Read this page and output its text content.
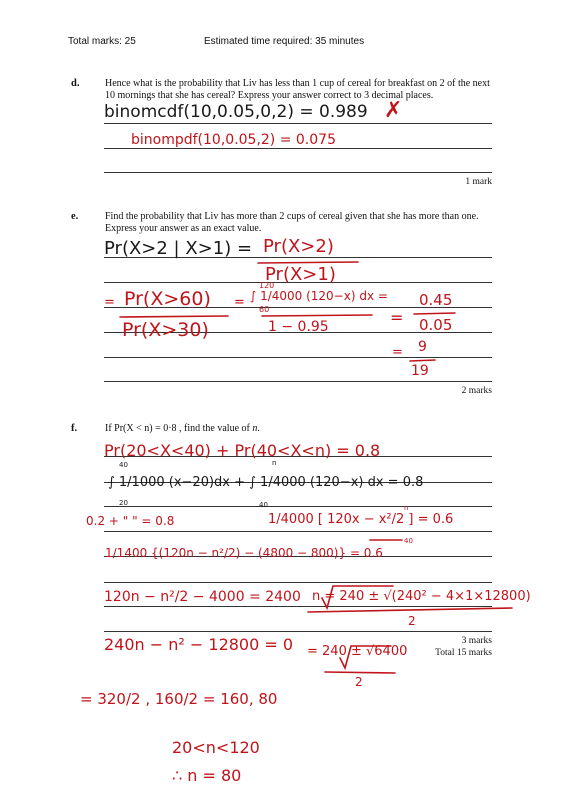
Total marks: 25	Estimated time required: 35 minutes
d.	Hence what is the probability that Liv has less than 1 cup of cereal for breakfast on 2 of the next 10 mornings that she has cereal? Express your answer correct to 3 decimal places.
1 mark
binomcdf(10,0.05,0,2) = 0.989 ✗
binompdf(10,0.05,2) = 0.075
e.	Find the probability that Liv has more than 2 cups of cereal given that she has more than one. Express your answer as an exact value.
2 marks
Pr(X>2 | X>1) = Pr(X>2)
Pr(X>1)
= Pr(X>60)
Pr(X>30)
=
120
60
∫ 1/4000 (120−x) dx =
1 − 0.95	=
0.45
0.05
= 9
19
f.	If Pr(X < n) = 0·8 , find the value of n.
3 marks
Total 15 marks
Pr(20<X<40) + Pr(40<X<n) = 0.8
40
20
n
40
∫ 1/1000 (x−20)dx + ∫ 1/4000 (120−x) dx = 0.8
0.2 + " " = 0.8
n
40
1/4000 [ 120x − x²/2 ] = 0.6
1/1400 {(120n − n²/2) − (4800 − 800)} = 0.6
120n − n²/2 − 4000 = 2400 n = 240 ± √(240² − 4×1×12800)
2
240n − n² − 12800 = 0 = 240 ± √6400
2
= 320/2 , 160/2 = 160, 80
20<n<120
∴ n = 80
